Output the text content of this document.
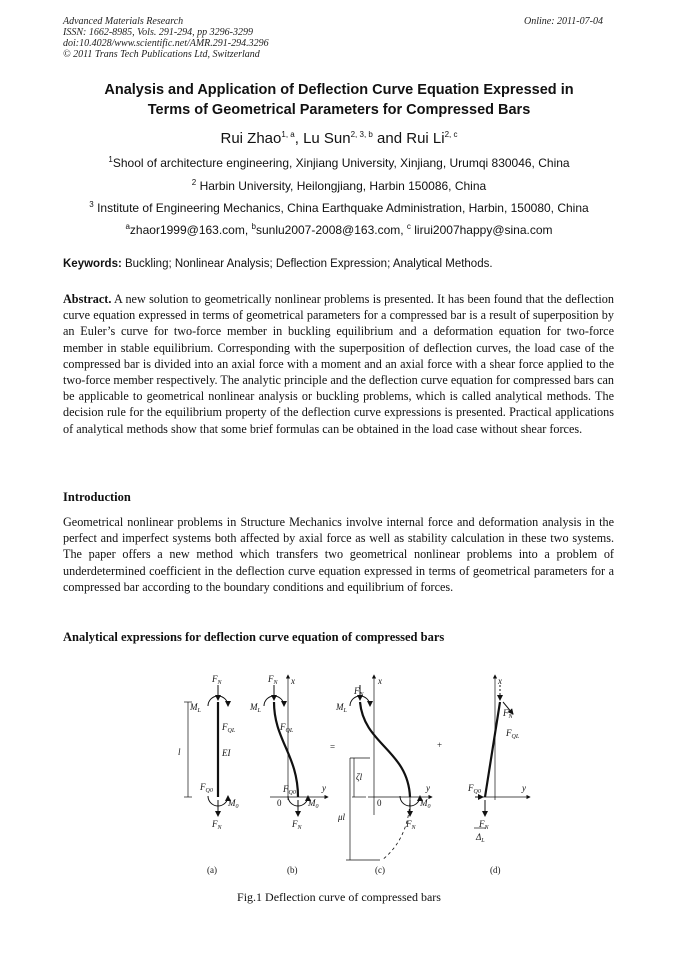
Advanced Materials Research
ISSN: 1662-8985, Vols. 291-294, pp 3296-3299
doi:10.4028/www.scientific.net/AMR.291-294.3296
© 2011 Trans Tech Publications Ltd, Switzerland
Online: 2011-07-04
Analysis and Application of Deflection Curve Equation Expressed in
Terms of Geometrical Parameters for Compressed Bars
Rui Zhao$^{1, a}$, Lu Sun$^{2, 3, b}$ and Rui Li$^{2, c}$
$^1$Shool of architecture engineering, Xinjiang University, Xinjiang, Urumqi 830046, China
$^2$ Harbin University, Heilongjiang, Harbin 150086, China
$^3$ Institute of Engineering Mechanics, China Earthquake Administration, Harbin, 150080, China
$^a$zhaor1999@163.com, $^b$sunlu2007-2008@163.com, $^c$ lirui2007happy@sina.com
Keywords: Buckling; Nonlinear Analysis; Deflection Expression; Analytical Methods.
Abstract. A new solution to geometrically nonlinear problems is presented. It has been found that the deflection curve equation expressed in terms of geometrical parameters for a compressed bar is a result of superposition by an Euler’s curve for two-force member in buckling equilibrium and a deformation equation for two-force member in stable equilibrium. Corresponding with the superposition of deflection curves, the load case of the compressed bar is divided into an axial force with a moment and an axial force with a shear force applied to the two-force member respectively. The analytic principle and the deflection curve equation for compressed bars can be applicable to geometrical nonlinear analysis or buckling problems, which is called analytical methods. The decision rule for the equilibrium property of the deflection curve expressions is presented. Practical applications of analytical methods show that some brief formulas can be obtained in the load case without shear forces.
Introduction
Geometrical nonlinear problems in Structure Mechanics involve internal force and deformation analysis in the perfect and imperfect systems both affected by axial force as well as stability calculation in these two systems. The paper offers a new method which transfers two geometrical nonlinear problems into a problem of underdetermined coefficient in the deflection curve equation expressed in terms of geometrical parameters for a compressed bar according to the boundary conditions and equilibrium of forces.
Analytical expressions for deflection curve equation of compressed bars
$F_N$
$M_L$
$F_{QL}$
EI
l
$F_{Q0}$
$M_0$
$F_N$
(a)
$F_N$ x
$M_L$
$F_{QL}$
y
0
$F_{Q0}$
$M_0$
$F_N$
(b)
=
$F_N$
x
$M_L$
ζl
μl
y
0	$M_0$
$F_N$
(c)
+
x
$F_N$
$F_{QL}$
y
$F_{Q0}$
$F_N$
$\Delta_L$
(d)
Fig.1 Deflection curve of compressed bars
